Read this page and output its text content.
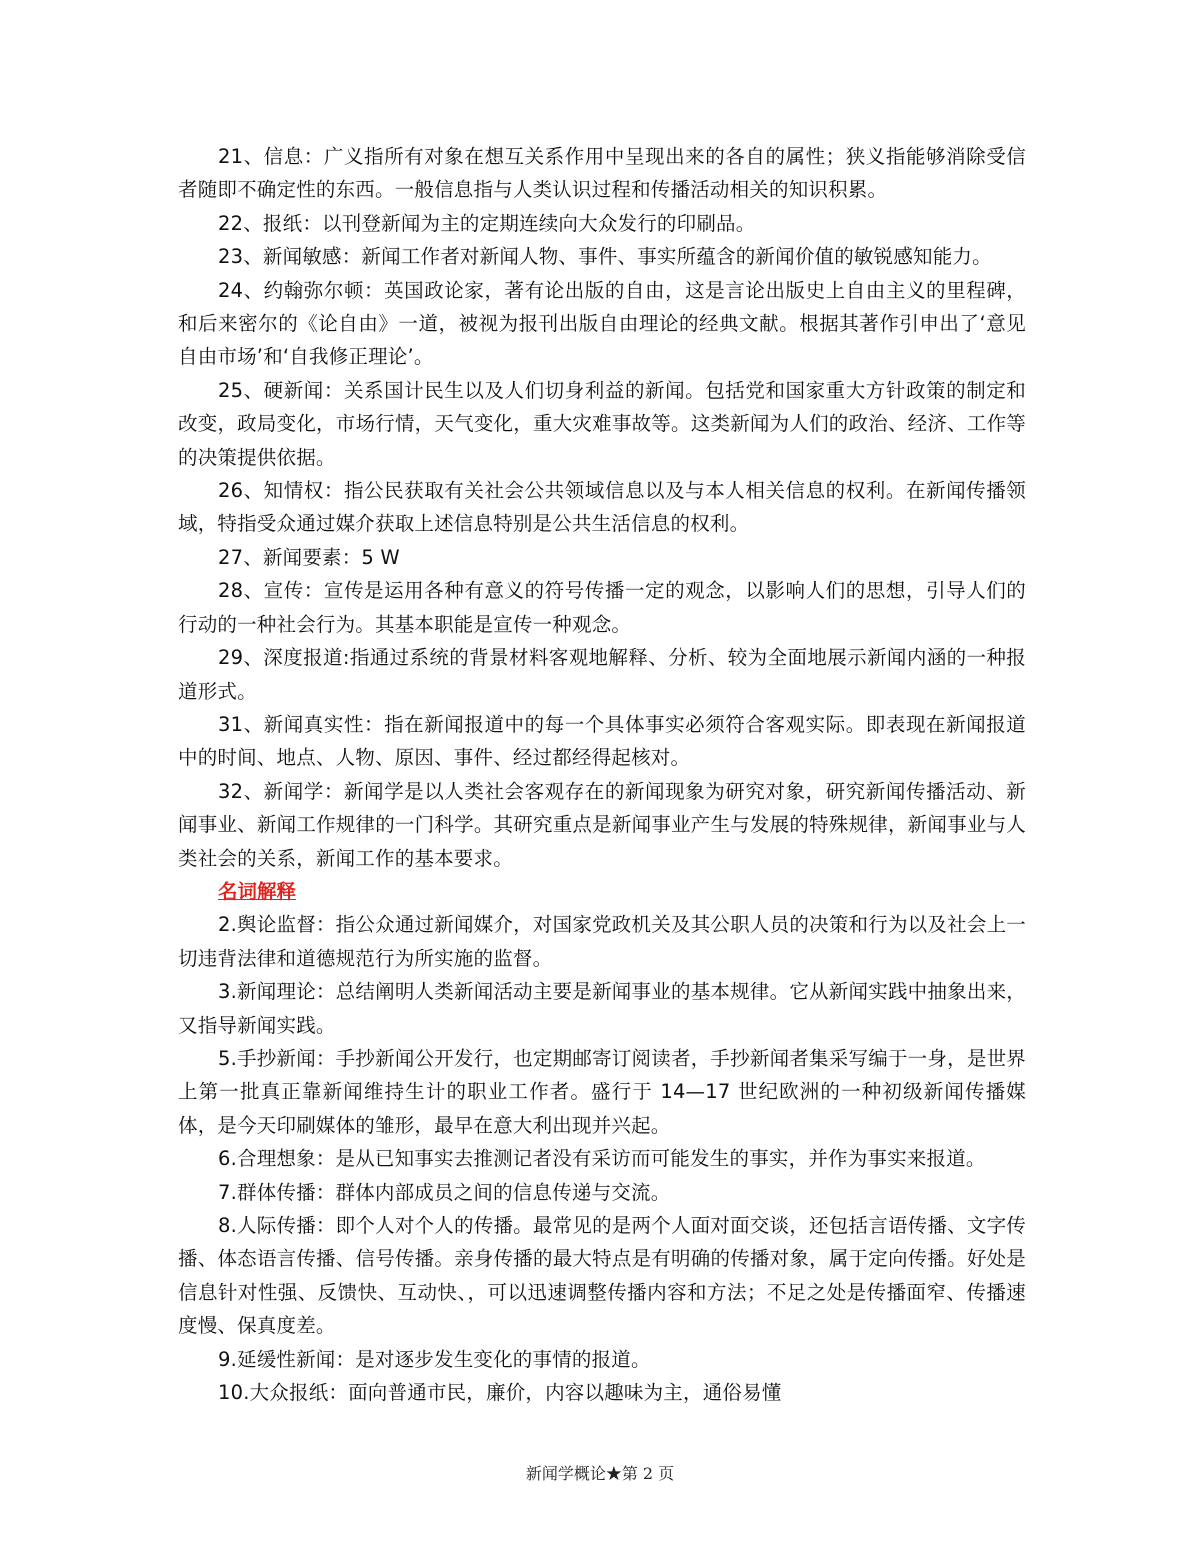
21、信息：广义指所有对象在想互关系作用中呈现出来的各自的属性；狭义指能够消除受信者随即不确定性的东西。一般信息指与人类认识过程和传播活动相关的知识积累。

22、报纸：以刊登新闻为主的定期连续向大众发行的印刷品。

23、新闻敏感：新闻工作者对新闻人物、事件、事实所蕴含的新闻价值的敏锐感知能力。

24、约翰弥尔顿：英国政论家，著有论出版的自由，这是言论出版史上自由主义的里程碑，和后来密尔的《论自由》一道，被视为报刊出版自由理论的经典文献。根据其著作引申出了‘意见自由市场’和‘自我修正理论’。

25、硬新闻：关系国计民生以及人们切身利益的新闻。包括党和国家重大方针政策的制定和改变，政局变化，市场行情，天气变化，重大灾难事故等。这类新闻为人们的政治、经济、工作等的决策提供依据。

26、知情权：指公民获取有关社会公共领域信息以及与本人相关信息的权利。在新闻传播领域，特指受众通过媒介获取上述信息特别是公共生活信息的权利。

27、新闻要素：5 W

28、宣传：宣传是运用各种有意义的符号传播一定的观念，以影响人们的思想，引导人们的行动的一种社会行为。其基本职能是宣传一种观念。

29、深度报道:指通过系统的背景材料客观地解释、分析、较为全面地展示新闻内涵的一种报道形式。

31、新闻真实性：指在新闻报道中的每一个具体事实必须符合客观实际。即表现在新闻报道中的时间、地点、人物、原因、事件、经过都经得起核对。

32、新闻学：新闻学是以人类社会客观存在的新闻现象为研究对象，研究新闻传播活动、新闻事业、新闻工作规律的一门科学。其研究重点是新闻事业产生与发展的特殊规律，新闻事业与人类社会的关系，新闻工作的基本要求。

名词解释

2.舆论监督：指公众通过新闻媒介，对国家党政机关及其公职人员的决策和行为以及社会上一切违背法律和道德规范行为所实施的监督。

3.新闻理论：总结阐明人类新闻活动主要是新闻事业的基本规律。它从新闻实践中抽象出来，又指导新闻实践。

5.手抄新闻：手抄新闻公开发行，也定期邮寄订阅读者，手抄新闻者集采写编于一身，是世界上第一批真正靠新闻维持生计的职业工作者。盛行于 14—17 世纪欧洲的一种初级新闻传播媒体，是今天印刷媒体的雏形，最早在意大利出现并兴起。

6.合理想象：是从已知事实去推测记者没有采访而可能发生的事实，并作为事实来报道。

7.群体传播：群体内部成员之间的信息传递与交流。

8.人际传播：即个人对个人的传播。最常见的是两个人面对面交谈，还包括言语传播、文字传播、体态语言传播、信号传播。亲身传播的最大特点是有明确的传播对象，属于定向传播。好处是信息针对性强、反馈快、互动快、，可以迅速调整传播内容和方法；不足之处是传播面窄、传播速度慢、保真度差。

9.延缓性新闻：是对逐步发生变化的事情的报道。

10.大众报纸：面向普通市民，廉价，内容以趣味为主，通俗易懂

新闻学概论★第 2 页
